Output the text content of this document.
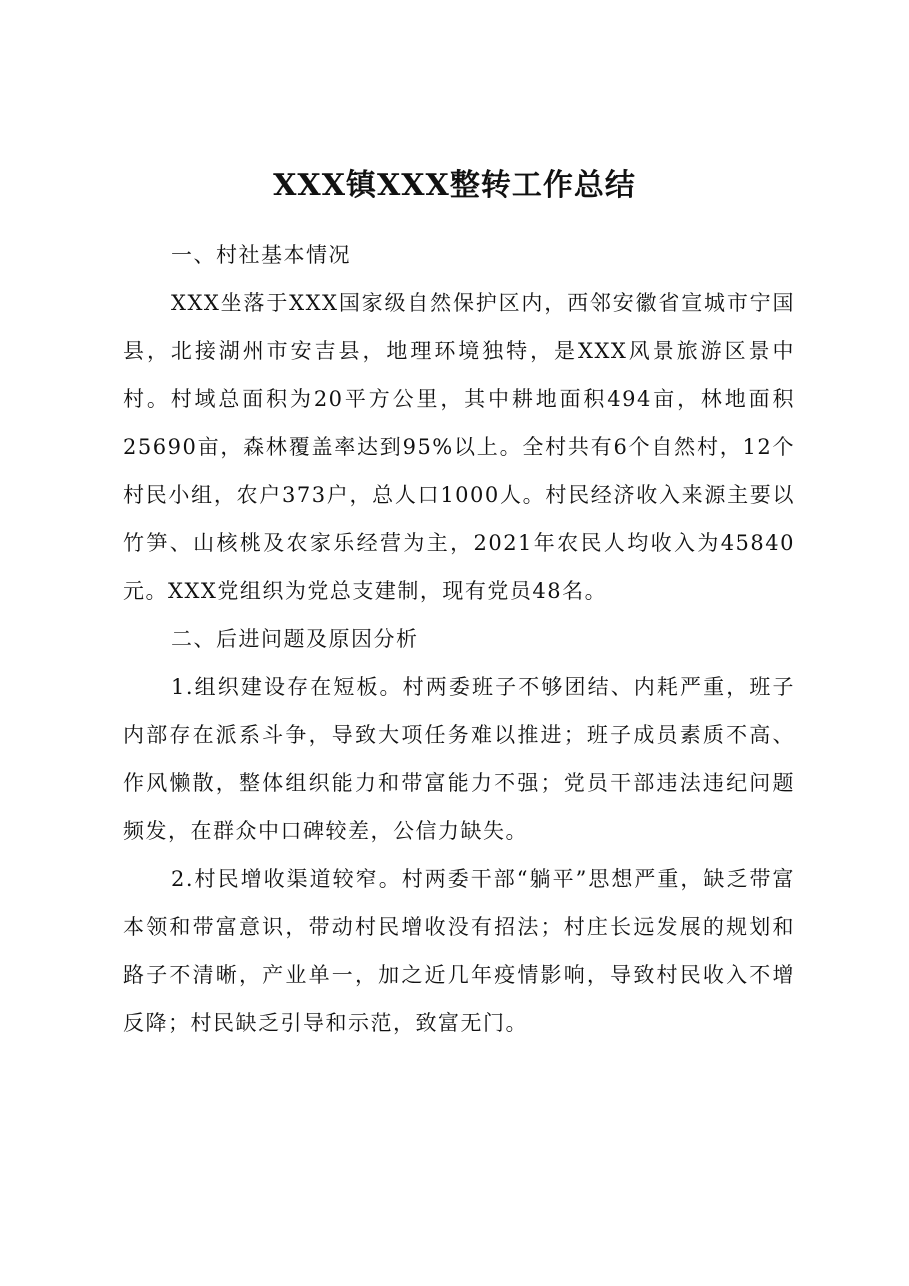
XXX镇XXX整转工作总结

一、村社基本情况

XXX坐落于XXX国家级自然保护区内，西邻安徽省宣城市宁国县，北接湖州市安吉县，地理环境独特，是XXX风景旅游区景中村。村域总面积为20平方公里，其中耕地面积494亩，林地面积25690亩，森林覆盖率达到95%以上。全村共有6个自然村，12个村民小组，农户373户，总人口1000人。村民经济收入来源主要以竹笋、山核桃及农家乐经营为主，2021年农民人均收入为45840元。XXX党组织为党总支建制，现有党员48名。

二、后进问题及原因分析

1.组织建设存在短板。村两委班子不够团结、内耗严重，班子内部存在派系斗争，导致大项任务难以推进；班子成员素质不高、作风懒散，整体组织能力和带富能力不强；党员干部违法违纪问题频发，在群众中口碑较差，公信力缺失。

2.村民增收渠道较窄。村两委干部“躺平”思想严重，缺乏带富本领和带富意识，带动村民增收没有招法；村庄长远发展的规划和路子不清晰，产业单一，加之近几年疫情影响，导致村民收入不增反降；村民缺乏引导和示范，致富无门。
